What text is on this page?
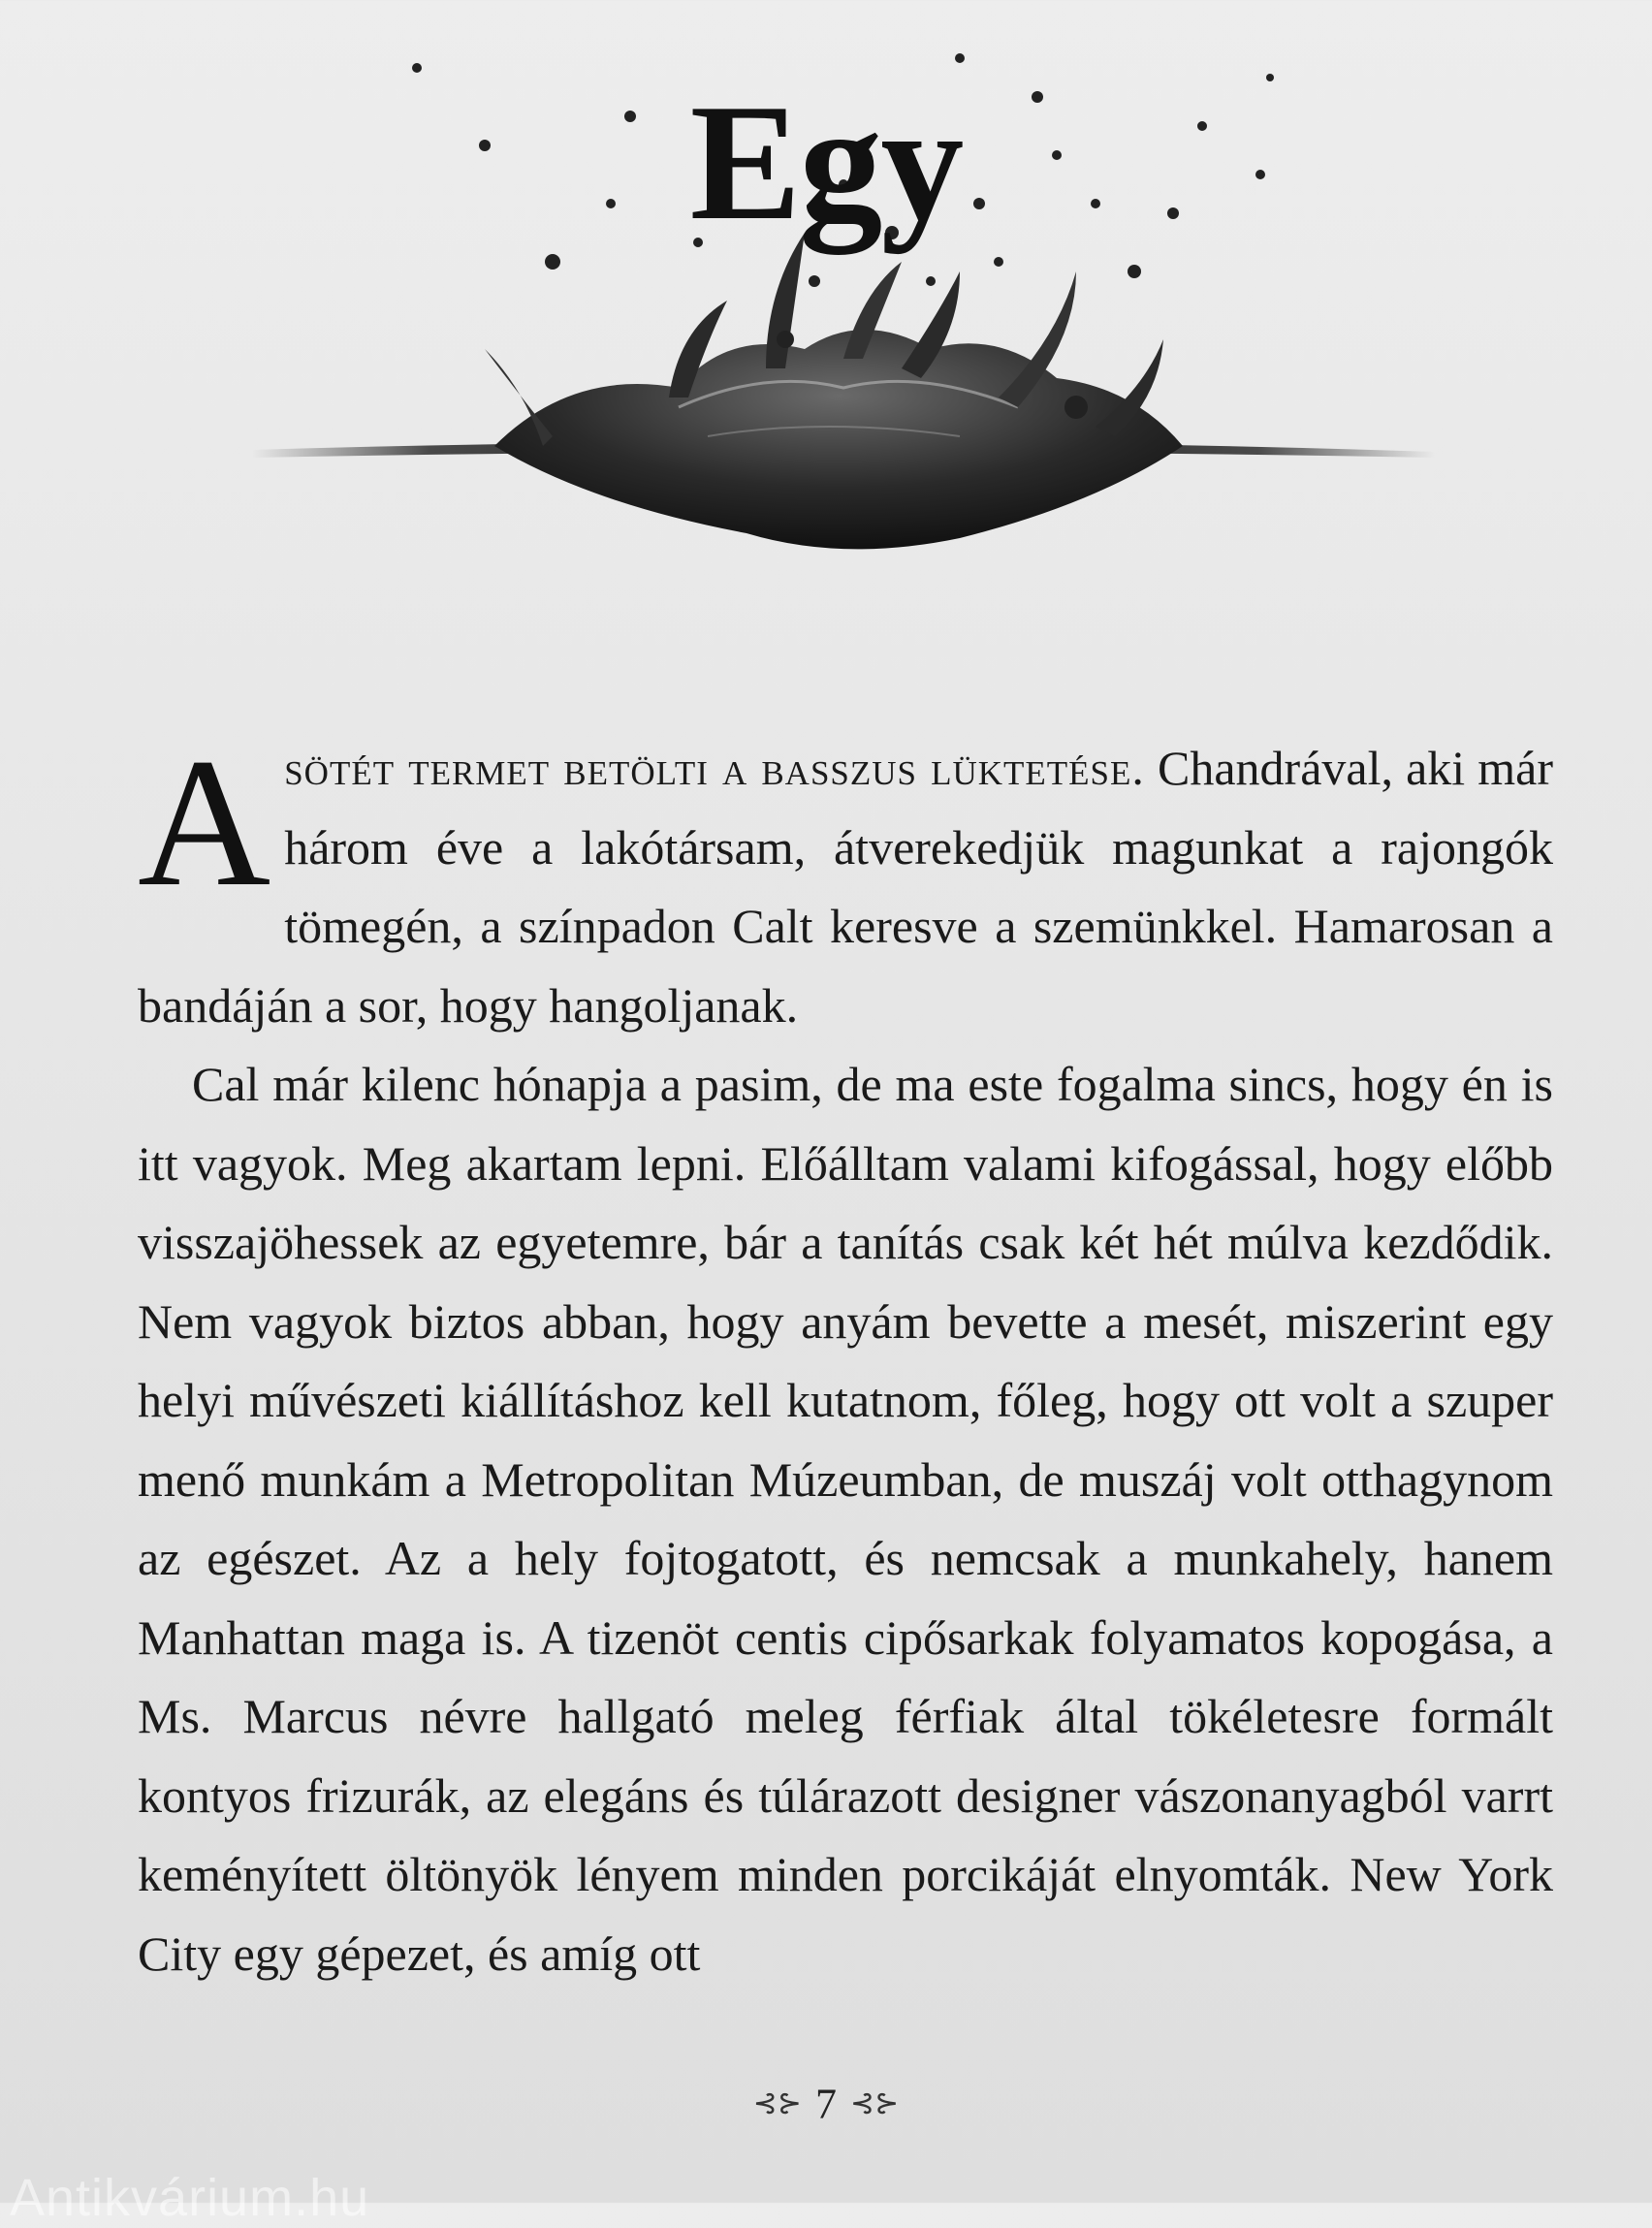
Egy

Asötét termet betölti a basszus lüktetése. Chandrával, aki már három éve a lakótársam, átverekedjük magunkat a rajongók tömegén, a színpadon Calt keresve a szemünkkel. Hamarosan a bandáján a sor, hogy hangoljanak.

Cal már kilenc hónapja a pasim, de ma este fogalma sincs, hogy én is itt vagyok. Meg akartam lepni. Előálltam valami kifogással, hogy előbb visszajöhessek az egyetemre, bár a tanítás csak két hét múlva kezdődik. Nem vagyok biztos abban, hogy anyám bevette a mesét, miszerint egy helyi művészeti kiállításhoz kell kutatnom, főleg, hogy ott volt a szuper menő munkám a Metropolitan Múzeumban, de muszáj volt otthagynom az egészet. Az a hely fojtogatott, és nemcsak a munkahely, hanem Manhattan maga is. A tizenöt centis cipősarkak folyamatos kopogása, a Ms. Marcus névre hallgató meleg férfiak által tökéletesre formált kontyos frizurák, az elegáns és túlárazott designer vászonanyagból varrt keményített öltönyök lényem minden porcikáját elnyomták. New York City egy gépezet, és amíg ott

⊰⊱ 7 ⊰⊱
Antikvárium.hu
